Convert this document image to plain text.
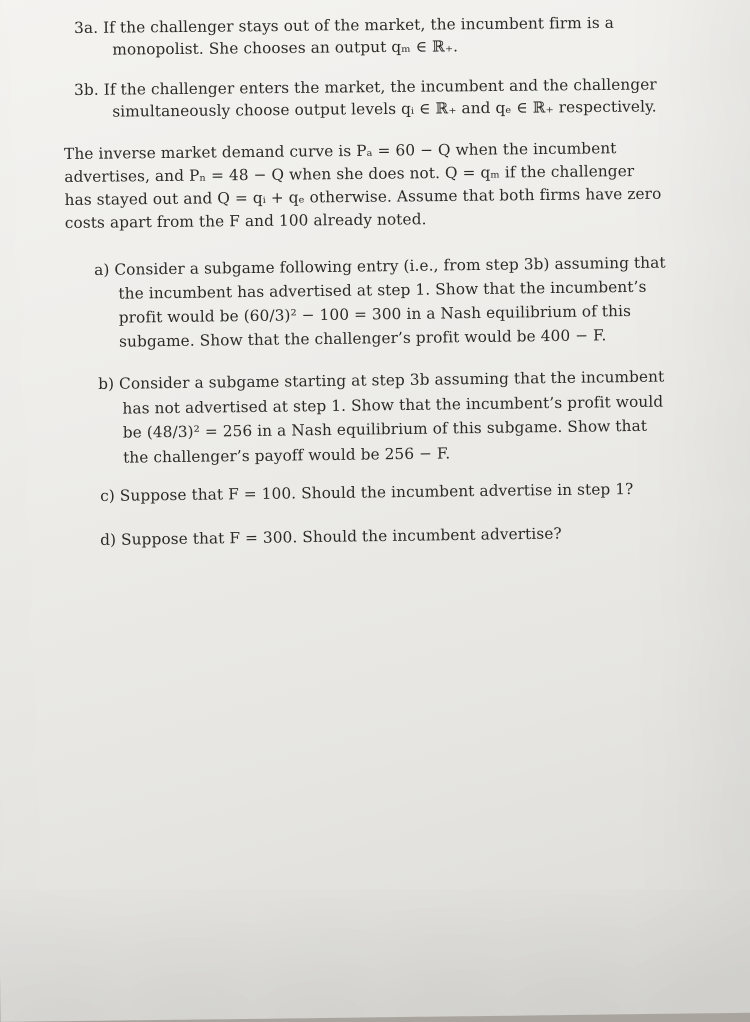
3a. If the challenger stays out of the market, the incumbent firm is a
monopolist. She chooses an output qₘ ∈ ℝ₊.
3b. If the challenger enters the market, the incumbent and the challenger
simultaneously choose output levels qᵢ ∈ ℝ₊ and qₑ ∈ ℝ₊ respectively.
The inverse market demand curve is Pₐ = 60 − Q when the incumbent
advertises, and Pₙ = 48 − Q when she does not. Q = qₘ if the challenger
has stayed out and Q = qᵢ + qₑ otherwise. Assume that both firms have zero
costs apart from the F and 100 already noted.
a) Consider a subgame following entry (i.e., from step 3b) assuming that
the incumbent has advertised at step 1. Show that the incumbent’s
profit would be (60/3)² − 100 = 300 in a Nash equilibrium of this
subgame. Show that the challenger’s profit would be 400 − F.
b) Consider a subgame starting at step 3b assuming that the incumbent
has not advertised at step 1. Show that the incumbent’s profit would
be (48/3)² = 256 in a Nash equilibrium of this subgame. Show that
the challenger’s payoff would be 256 − F.
c) Suppose that F = 100. Should the incumbent advertise in step 1?
d) Suppose that F = 300. Should the incumbent advertise?
